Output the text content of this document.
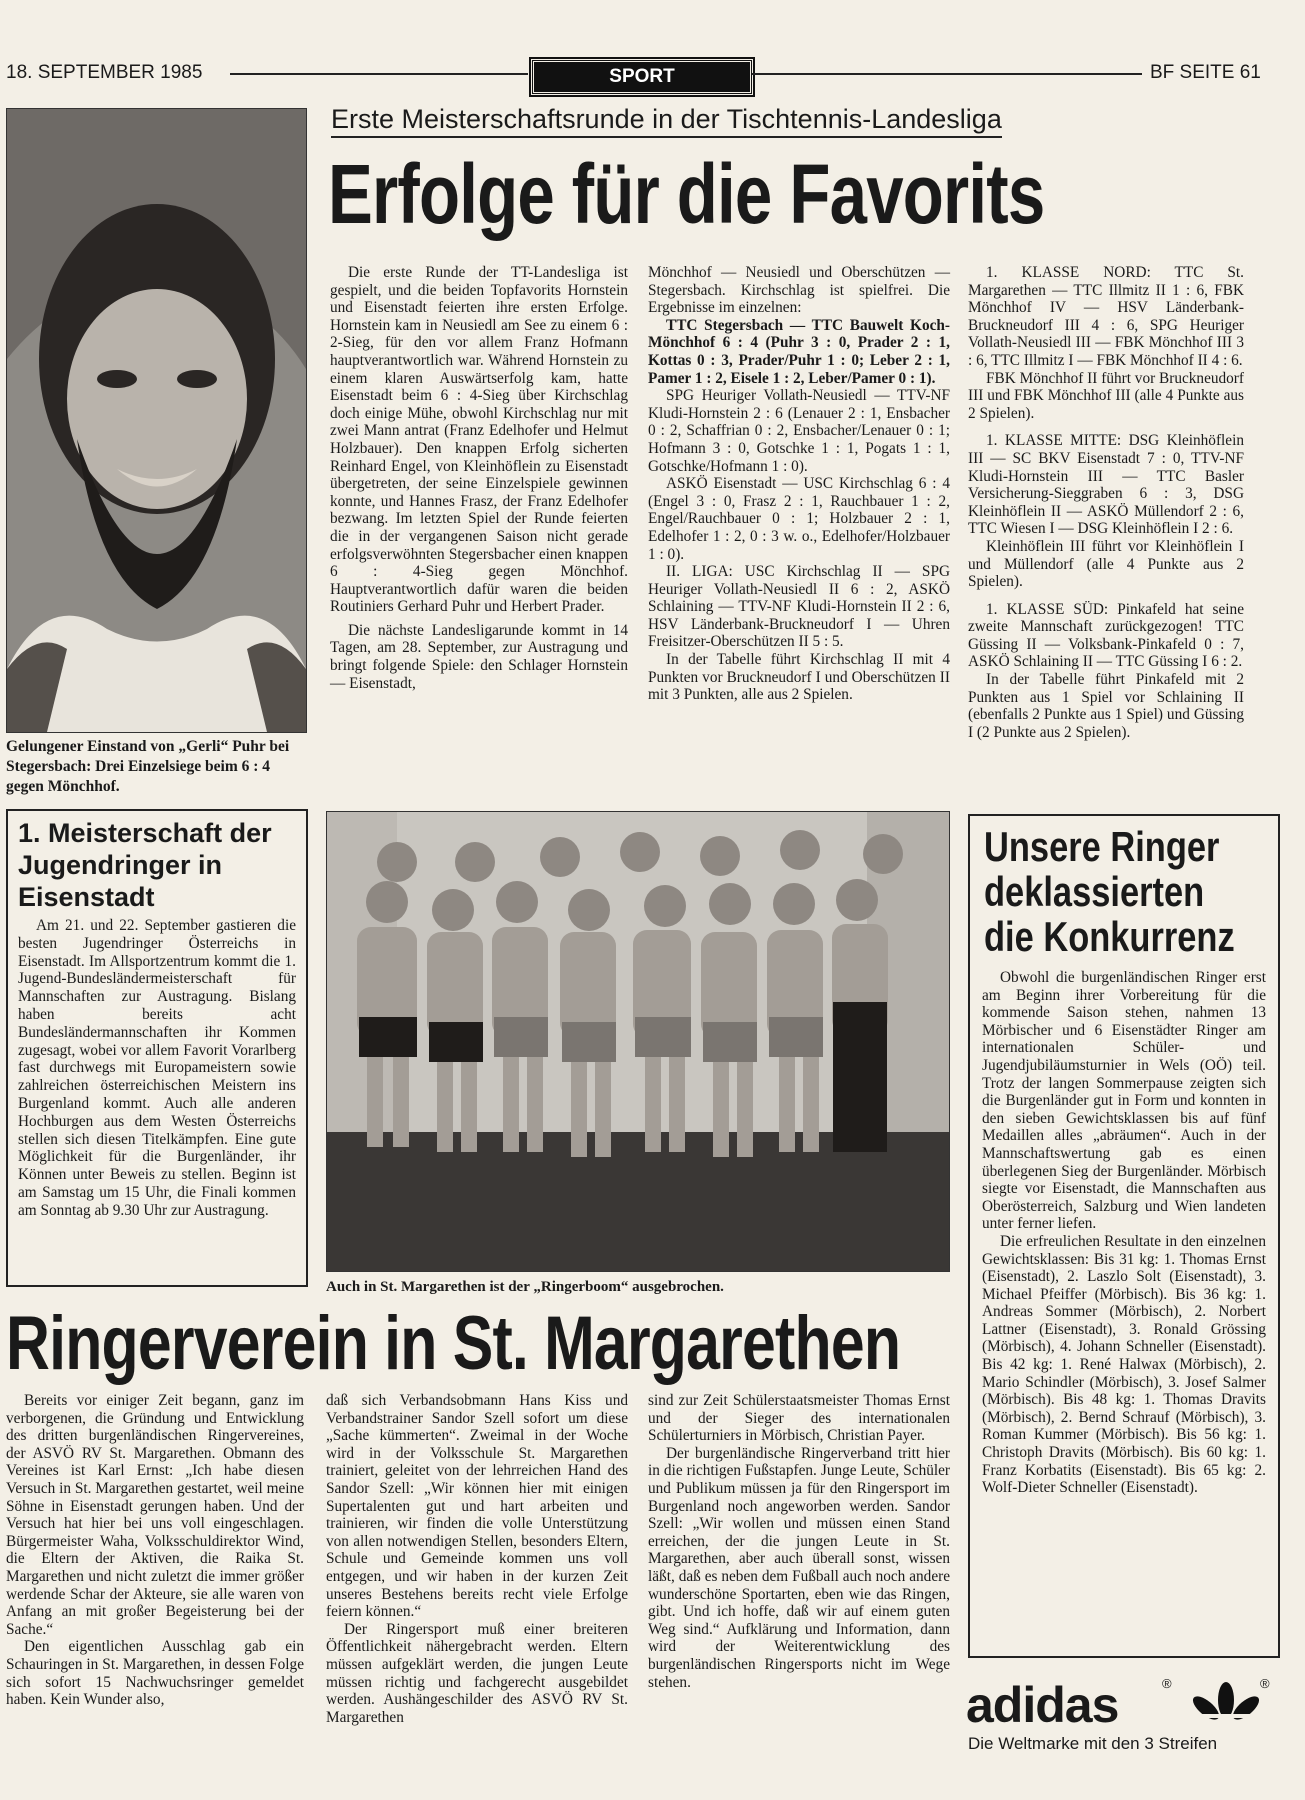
18. SEPTEMBER 1985	SPORT	BF SEITE 61
Gelungener Einstand von „Gerli“ Puhr bei Stegersbach: Drei Einzelsiege beim 6 : 4 gegen Mönchhof.
Erste Meisterschaftsrunde in der Tischtennis-Landesliga
Erfolge für die Favorits

Die erste Runde der TT-Landesliga ist gespielt, und die beiden Topfavorits Hornstein und Eisenstadt feierten ihre ersten Erfolge. Hornstein kam in Neusiedl am See zu einem 6 : 2-Sieg, für den vor allem Franz Hofmann hauptverantwortlich war. Während Hornstein zu einem klaren Auswärtserfolg kam, hatte Eisenstadt beim 6 : 4-Sieg über Kirchschlag doch einige Mühe, obwohl Kirchschlag nur mit zwei Mann antrat (Franz Edelhofer und Helmut Holzbauer). Den knappen Erfolg sicherten Reinhard Engel, von Kleinhöflein zu Eisenstadt übergetreten, der seine Einzelspiele gewinnen konnte, und Hannes Frasz, der Franz Edelhofer bezwang. Im letzten Spiel der Runde feierten die in der vergangenen Saison nicht gerade erfolgsverwöhnten Stegersbacher einen knappen 6 : 4-Sieg gegen Mönchhof. Hauptverantwortlich dafür waren die beiden Routiniers Gerhard Puhr und Herbert Prader.

Die nächste Landesligarunde kommt in 14 Tagen, am 28. September, zur Austragung und bringt folgende Spiele: den Schlager Hornstein — Eisenstadt,

Mönchhof — Neusiedl und Oberschützen — Stegersbach. Kirchschlag ist spielfrei. Die Ergebnisse im einzelnen:

TTC Stegersbach — TTC Bauwelt Koch-Mönchhof 6 : 4 (Puhr 3 : 0, Prader 2 : 1, Kottas 0 : 3, Prader/Puhr 1 : 0; Leber 2 : 1, Pamer 1 : 2, Eisele 1 : 2, Leber/Pamer 0 : 1).

SPG Heuriger Vollath-Neusiedl — TTV-NF Kludi-Hornstein 2 : 6 (Lenauer 2 : 1, Ensbacher 0 : 2, Schaffrian 0 : 2, Ensbacher/Lenauer 0 : 1; Hofmann 3 : 0, Gotschke 1 : 1, Pogats 1 : 1, Gotschke/Hofmann 1 : 0).

ASKÖ Eisenstadt — USC Kirchschlag 6 : 4 (Engel 3 : 0, Frasz 2 : 1, Rauchbauer 1 : 2, Engel/Rauchbauer 0 : 1; Holzbauer 2 : 1, Edelhofer 1 : 2, 0 : 3 w. o., Edelhofer/Holzbauer 1 : 0).

II. LIGA: USC Kirchschlag II — SPG Heuriger Vollath-Neusiedl II 6 : 2, ASKÖ Schlaining — TTV-NF Kludi-Hornstein II 2 : 6, HSV Länderbank-Bruckneudorf I — Uhren Freisitzer-Oberschützen II 5 : 5.

In der Tabelle führt Kirchschlag II mit 4 Punkten vor Bruckneudorf I und Oberschützen II mit 3 Punkten, alle aus 2 Spielen.

1. KLASSE NORD: TTC St. Margarethen — TTC Illmitz II 1 : 6, FBK Mönchhof IV — HSV Länderbank-Bruckneudorf III 4 : 6, SPG Heuriger Vollath-Neusiedl III — FBK Mönchhof III 3 : 6, TTC Illmitz I — FBK Mönchhof II 4 : 6.

FBK Mönchhof II führt vor Bruckneudorf III und FBK Mönchhof III (alle 4 Punkte aus 2 Spielen).

1. KLASSE MITTE: DSG Kleinhöflein III — SC BKV Eisenstadt 7 : 0, TTV-NF Kludi-Hornstein III — TTC Basler Versicherung-Sieggraben 6 : 3, DSG Kleinhöflein II — ASKÖ Müllendorf 2 : 6, TTC Wiesen I — DSG Kleinhöflein I 2 : 6.

Kleinhöflein III führt vor Kleinhöflein I und Müllendorf (alle 4 Punkte aus 2 Spielen).

1. KLASSE SÜD: Pinkafeld hat seine zweite Mannschaft zurückgezogen! TTC Güssing II — Volksbank-Pinkafeld 0 : 7, ASKÖ Schlaining II — TTC Güssing I 6 : 2.

In der Tabelle führt Pinkafeld mit 2 Punkten aus 1 Spiel vor Schlaining II (ebenfalls 2 Punkte aus 1 Spiel) und Güssing I (2 Punkte aus 2 Spielen).

1. Meisterschaft der Jugendringer in Eisenstadt

Am 21. und 22. September gastieren die besten Jugendringer Österreichs in Eisenstadt. Im Allsportzentrum kommt die 1. Jugend-Bundesländermeisterschaft für Mannschaften zur Austragung. Bislang haben bereits acht Bundesländermannschaften ihr Kommen zugesagt, wobei vor allem Favorit Vorarlberg fast durchwegs mit Europameistern sowie zahlreichen österreichischen Meistern ins Burgenland kommt. Auch alle anderen Hochburgen aus dem Westen Österreichs stellen sich diesen Titelkämpfen. Eine gute Möglichkeit für die Burgenländer, ihr Können unter Beweis zu stellen. Beginn ist am Samstag um 15 Uhr, die Finali kommen am Sonntag ab 9.30 Uhr zur Austragung.

Auch in St. Margarethen ist der „Ringerboom“ ausgebrochen.
Unsere Ringer deklassierten die Konkurrenz

Obwohl die burgenländischen Ringer erst am Beginn ihrer Vorbereitung für die kommende Saison stehen, nahmen 13 Mörbischer und 6 Eisenstädter Ringer am internationalen Schüler- und Jugendjubiläumsturnier in Wels (OÖ) teil. Trotz der langen Sommerpause zeigten sich die Burgenländer gut in Form und konnten in den sieben Gewichtsklassen bis auf fünf Medaillen alles „abräumen“. Auch in der Mannschaftswertung gab es einen überlegenen Sieg der Burgenländer. Mörbisch siegte vor Eisenstadt, die Mannschaften aus Oberösterreich, Salzburg und Wien landeten unter ferner liefen.

Die erfreulichen Resultate in den einzelnen Gewichtsklassen: Bis 31 kg: 1. Thomas Ernst (Eisenstadt), 2. Laszlo Solt (Eisenstadt), 3. Michael Pfeiffer (Mörbisch). Bis 36 kg: 1. Andreas Sommer (Mörbisch), 2. Norbert Lattner (Eisenstadt), 3. Ronald Grössing (Mörbisch), 4. Johann Schneller (Eisenstadt). Bis 42 kg: 1. René Halwax (Mörbisch), 2. Mario Schindler (Mörbisch), 3. Josef Salmer (Mörbisch). Bis 48 kg: 1. Thomas Dravits (Mörbisch), 2. Bernd Schrauf (Mörbisch), 3. Roman Kummer (Mörbisch). Bis 56 kg: 1. Christoph Dravits (Mörbisch). Bis 60 kg: 1. Franz Korbatits (Eisenstadt). Bis 65 kg: 2. Wolf-Dieter Schneller (Eisenstadt).

Ringerverein in St. Margarethen

Bereits vor einiger Zeit begann, ganz im verborgenen, die Gründung und Entwicklung des dritten burgenländischen Ringervereines, der ASVÖ RV St. Margarethen. Obmann des Vereines ist Karl Ernst: „Ich habe diesen Versuch in St. Margarethen gestartet, weil meine Söhne in Eisenstadt gerungen haben. Und der Versuch hat hier bei uns voll eingeschlagen. Bürgermeister Waha, Volksschuldirektor Wind, die Eltern der Aktiven, die Raika St. Margarethen und nicht zuletzt die immer größer werdende Schar der Akteure, sie alle waren von Anfang an mit großer Begeisterung bei der Sache.“

Den eigentlichen Ausschlag gab ein Schauringen in St. Margarethen, in dessen Folge sich sofort 15 Nachwuchsringer gemeldet haben. Kein Wunder also,

daß sich Verbandsobmann Hans Kiss und Verbandstrainer Sandor Szell sofort um diese „Sache kümmerten“. Zweimal in der Woche wird in der Volksschule St. Margarethen trainiert, geleitet von der lehrreichen Hand des Sandor Szell: „Wir können hier mit einigen Supertalenten gut und hart arbeiten und trainieren, wir finden die volle Unterstützung von allen notwendigen Stellen, besonders Eltern, Schule und Gemeinde kommen uns voll entgegen, und wir haben in der kurzen Zeit unseres Bestehens bereits recht viele Erfolge feiern können.“

Der Ringersport muß einer breiteren Öffentlichkeit nähergebracht werden. Eltern müssen aufgeklärt werden, die jungen Leute müssen richtig und fachgerecht ausgebildet werden. Aushängeschilder des ASVÖ RV St. Margarethen

sind zur Zeit Schülerstaatsmeister Thomas Ernst und der Sieger des internationalen Schülerturniers in Mörbisch, Christian Payer.

Der burgenländische Ringerverband tritt hier in die richtigen Fußstapfen. Junge Leute, Schüler und Publikum müssen ja für den Ringersport im Burgenland noch angeworben werden. Sandor Szell: „Wir wollen und müssen einen Stand erreichen, der die jungen Leute in St. Margarethen, aber auch überall sonst, wissen läßt, daß es neben dem Fußball auch noch andere wunderschöne Sportarten, eben wie das Ringen, gibt. Und ich hoffe, daß wir auf einem guten Weg sind.“ Aufklärung und Information, dann wird der Weiterentwicklung des burgenländischen Ringersports nicht im Wege stehen.	adidas	®	®
Die Weltmarke mit den 3 Streifen
